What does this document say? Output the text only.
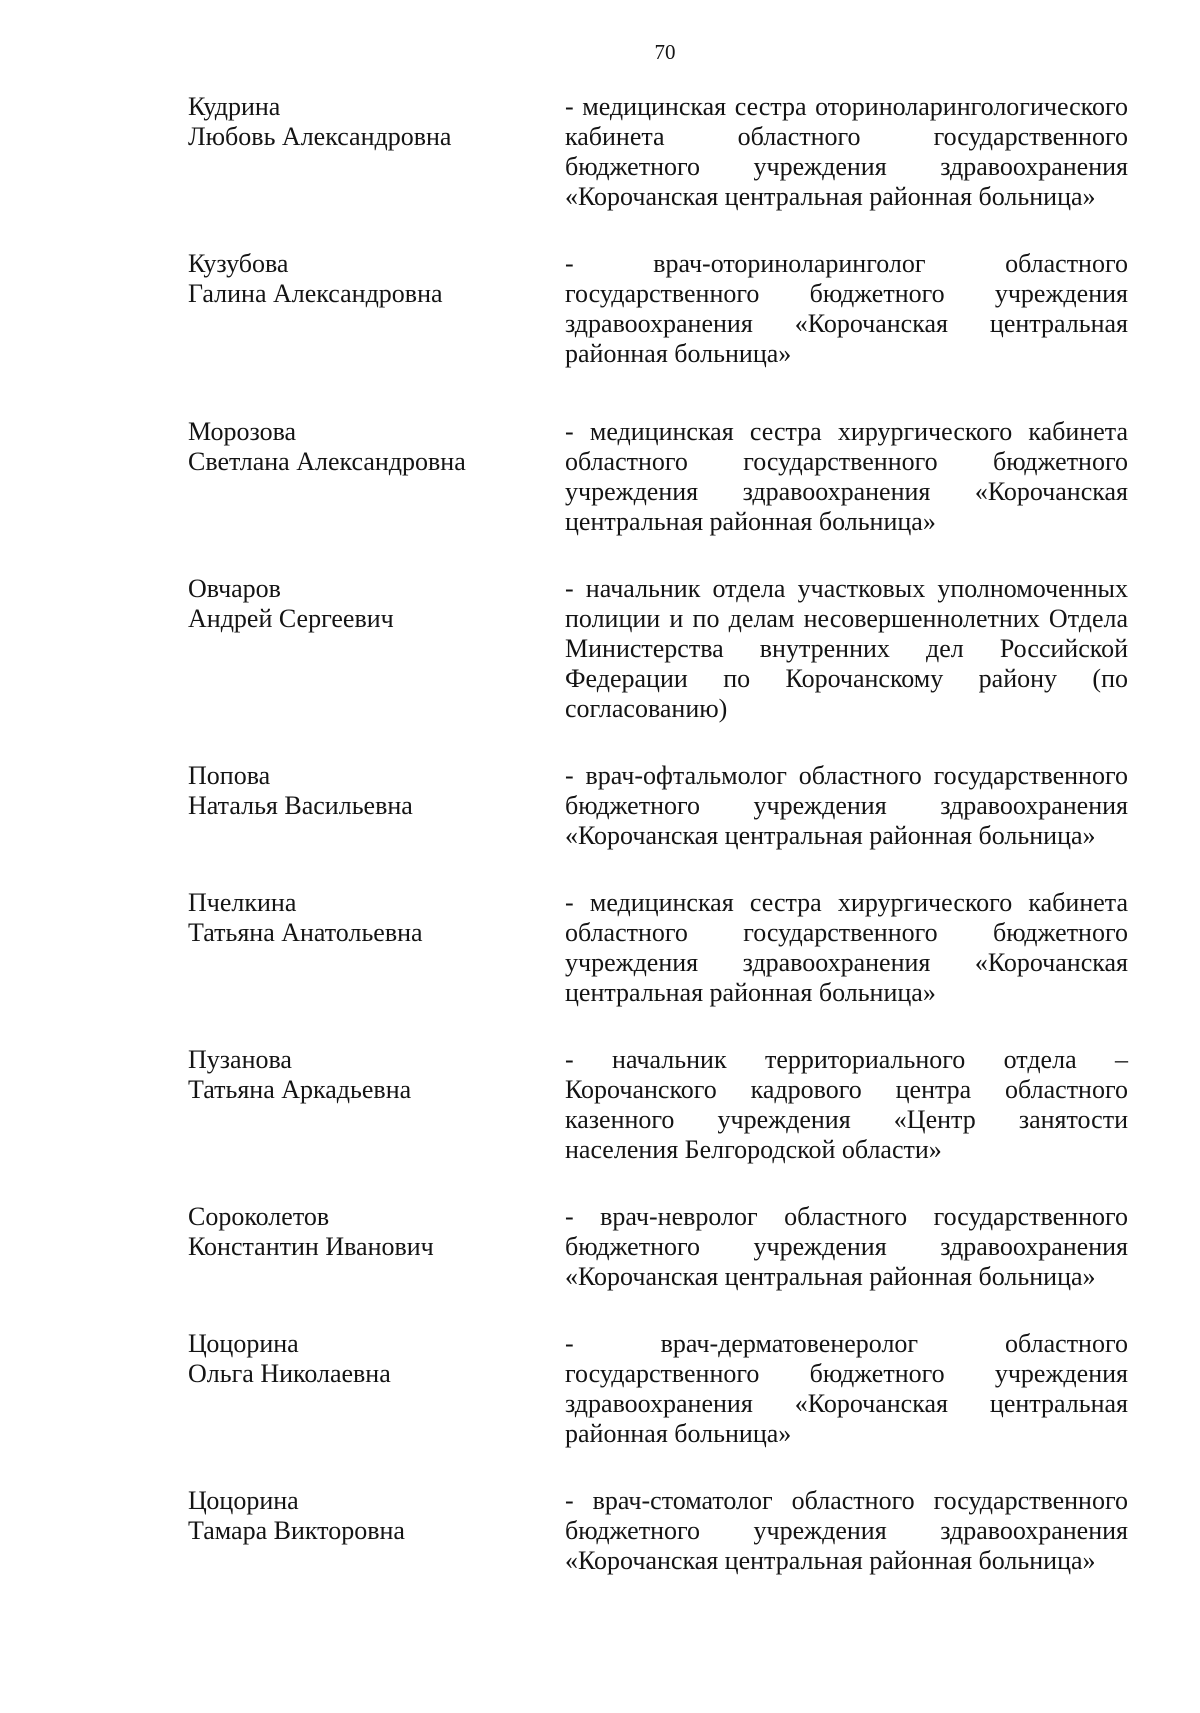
70
Кудрина
Любовь Александровна
- медицинская сестра оториноларингологического кабинета областного государственного бюджетного учреждения здравоохранения «Корочанская центральная районная больница»
Кузубова
Галина Александровна
- врач-оториноларинголог областного государственного бюджетного учреждения здравоохранения «Корочанская центральная районная больница»
Морозова
Светлана Александровна
- медицинская сестра хирургического кабинета областного государственного бюджетного учреждения здравоохранения «Корочанская центральная районная больница»
Овчаров
Андрей Сергеевич
- начальник отдела участковых уполномоченных полиции и по делам несовершеннолетних Отдела Министерства внутренних дел Российской Федерации по Корочанскому району (по согласованию)
Попова
Наталья Васильевна
- врач-офтальмолог областного государственного бюджетного учреждения здравоохранения «Корочанская центральная районная больница»
Пчелкина
Татьяна Анатольевна
- медицинская сестра хирургического кабинета областного государственного бюджетного учреждения здравоохранения «Корочанская центральная районная больница»
Пузанова
Татьяна Аркадьевна
- начальник территориального отдела – Корочанского кадрового центра областного казенного учреждения «Центр занятости населения Белгородской области»
Сороколетов
Константин Иванович
- врач-невролог областного государственного бюджетного учреждения здравоохранения «Корочанская центральная районная больница»
Цоцорина
Ольга Николаевна
- врач-дерматовенеролог областного государственного бюджетного учреждения здравоохранения «Корочанская центральная районная больница»
Цоцорина
Тамара Викторовна
- врач-стоматолог областного государственного бюджетного учреждения здравоохранения «Корочанская центральная районная больница»
